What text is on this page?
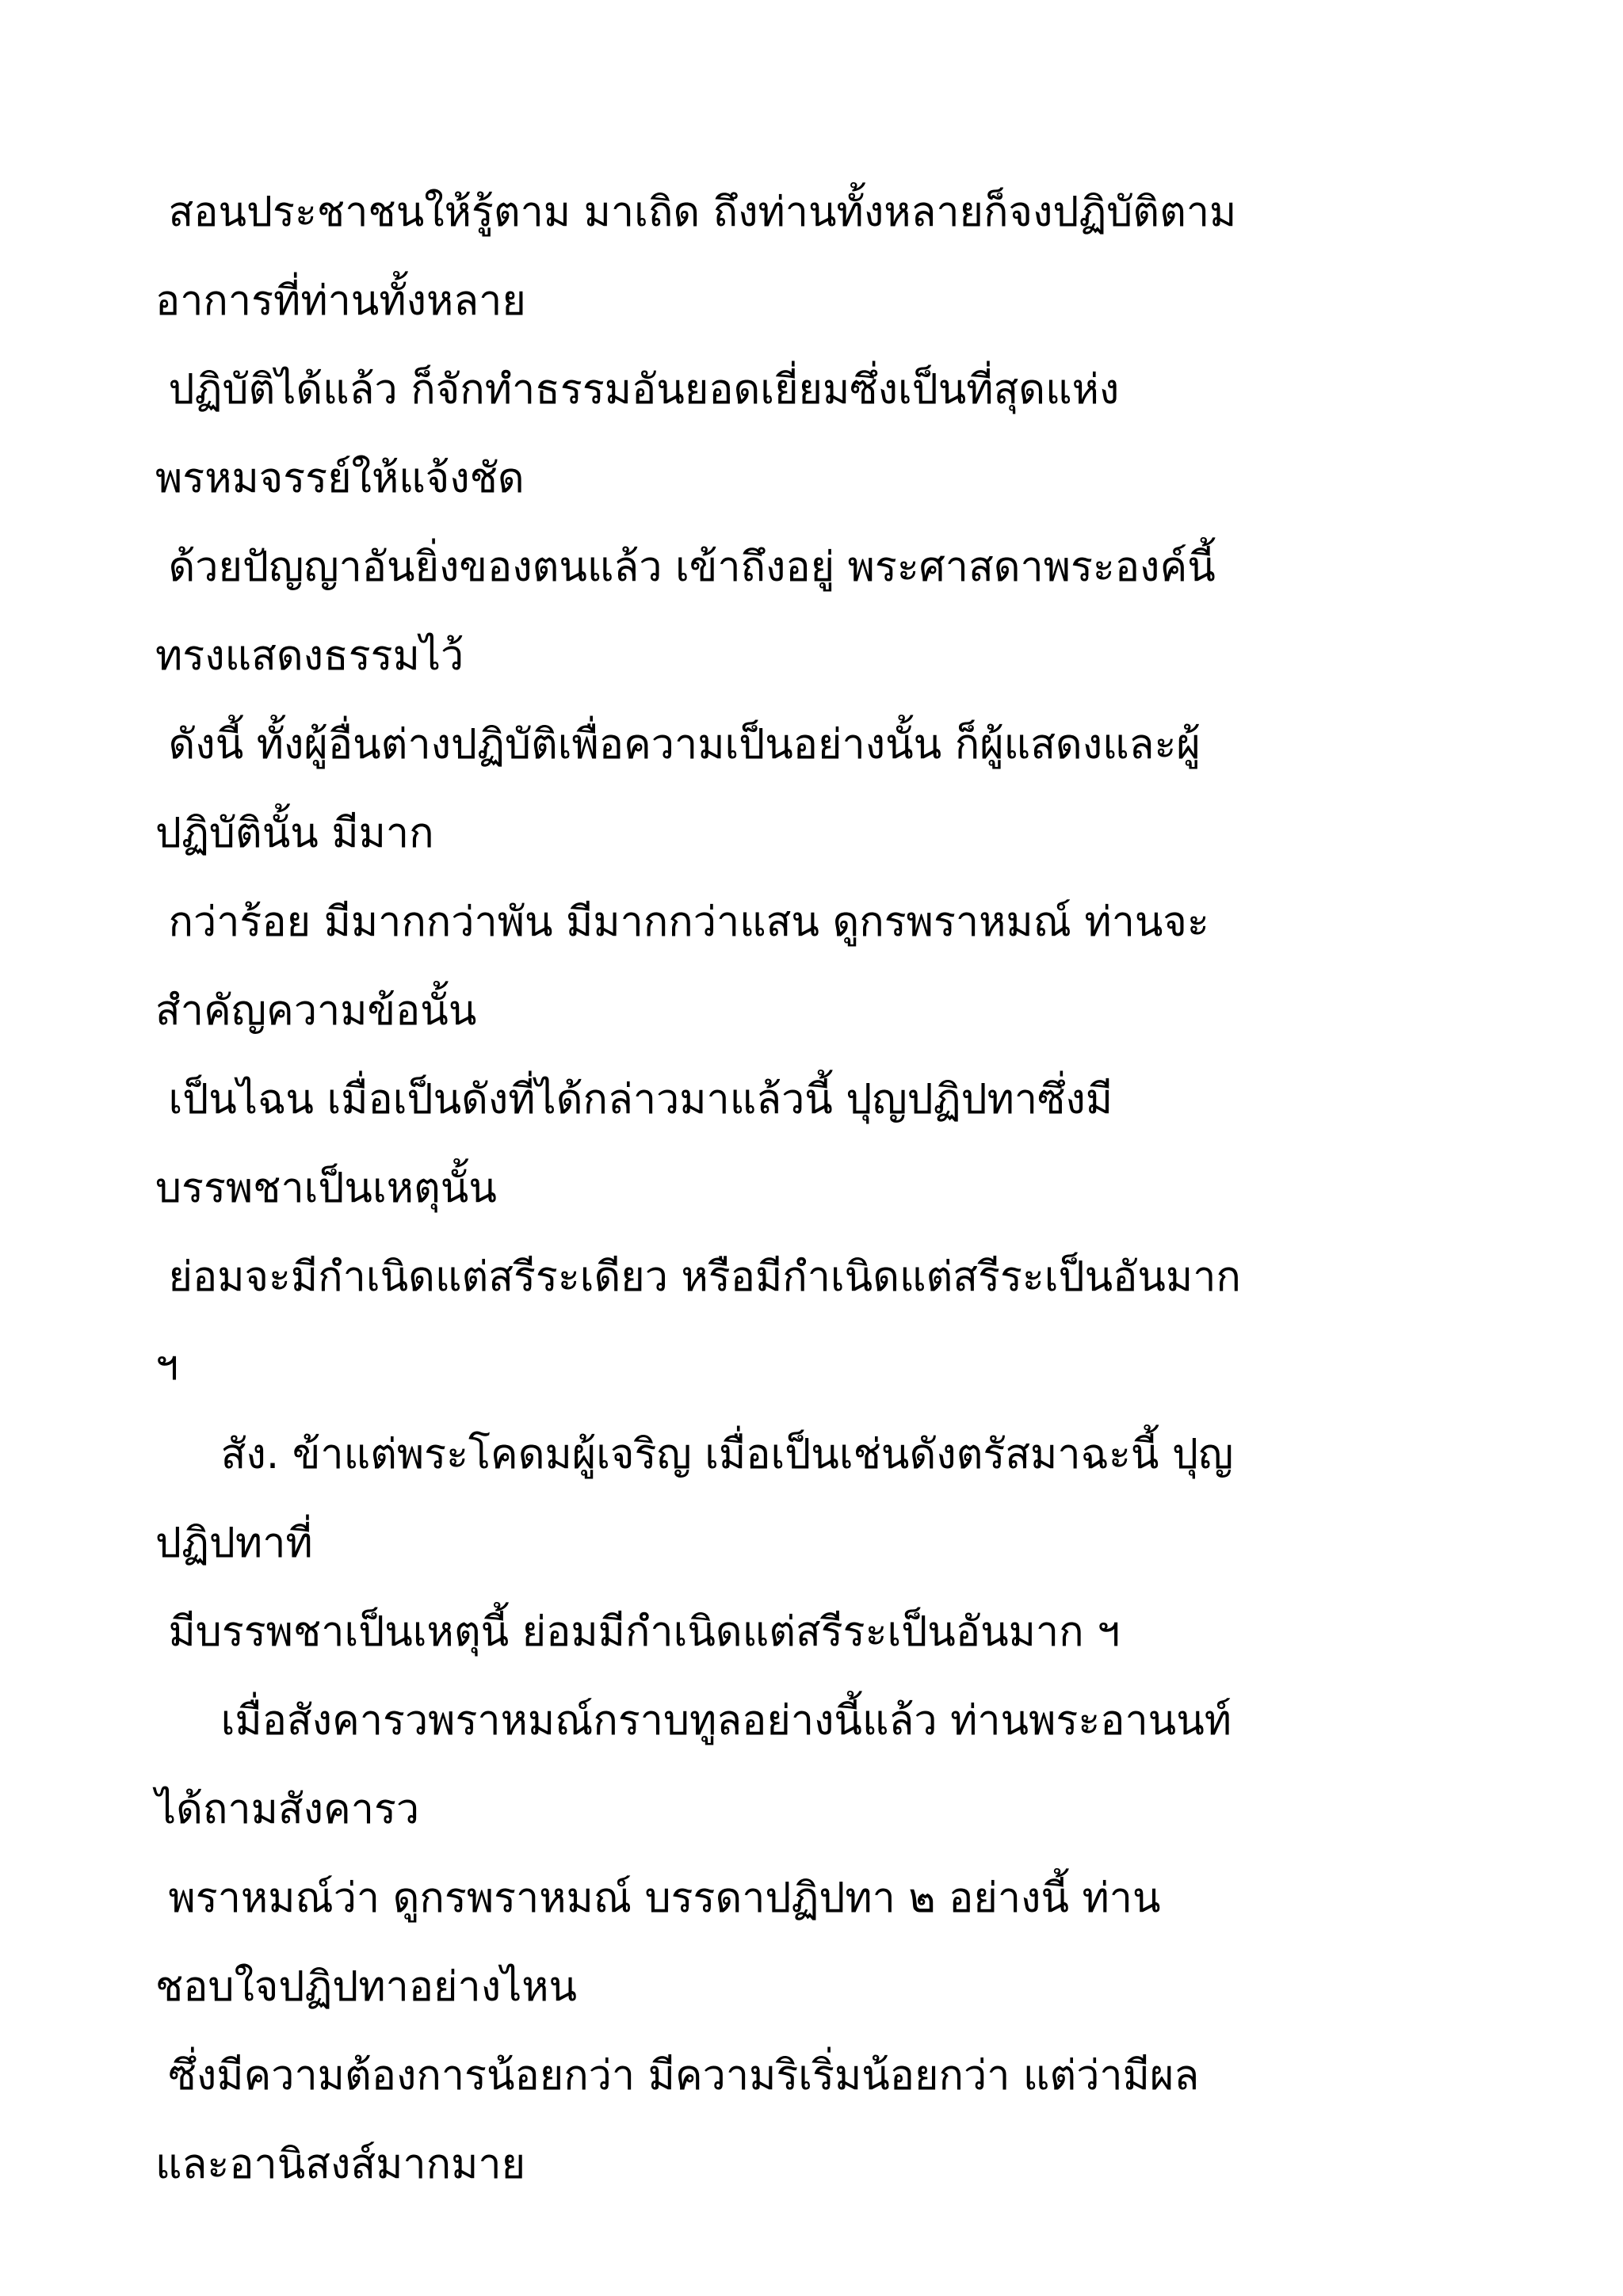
สอนประชาชนให้รู้ตาม มาเถิด ถึงท่านทั้งหลายก็จงปฏิบัติตาม
อาการที่ท่านทั้งหลาย
ปฏิบัติได้แล้ว ก็จักทำธรรมอันยอดเยี่ยมซึ่งเป็นที่สุดแห่ง
พรหมจรรย์ให้แจ้งชัด
ด้วยปัญญาอันยิ่งของตนแล้ว เข้าถึงอยู่ พระศาสดาพระองค์นี้
ทรงแสดงธรรมไว้
ดังนี้ ทั้งผู้อื่นต่างปฏิบัติเพื่อความเป็นอย่างนั้น ก็ผู้แสดงและผู้
ปฏิบัตินั้น มีมาก
กว่าร้อย มีมากกว่าพัน มีมากกว่าแสน ดูกรพราหมณ์ ท่านจะ
สำคัญความข้อนั้น
เป็นไฉน เมื่อเป็นดังที่ได้กล่าวมาแล้วนี้ ปุญปฏิปทาซึ่งมี
บรรพชาเป็นเหตุนั้น
ย่อมจะมีกำเนิดแต่สรีระเดียว หรือมีกำเนิดแต่สรีระเป็นอันมาก
ฯ
สัง. ข้าแต่พระโคดมผู้เจริญ เมื่อเป็นเช่นดังตรัสมาฉะนี้ ปุญ
ปฏิปทาที่
มีบรรพชาเป็นเหตุนี้ ย่อมมีกำเนิดแต่สรีระเป็นอันมาก ฯ
เมื่อสังคารวพราหมณ์กราบทูลอย่างนี้แล้ว ท่านพระอานนท์
ได้ถามสังคารว
พราหมณ์ว่า ดูกรพราหมณ์ บรรดาปฏิปทา ๒ อย่างนี้ ท่าน
ชอบใจปฏิปทาอย่างไหน
ซึ่งมีความต้องการน้อยกว่า มีความริเริ่มน้อยกว่า แต่ว่ามีผล
และอานิสงส์มากมาย
